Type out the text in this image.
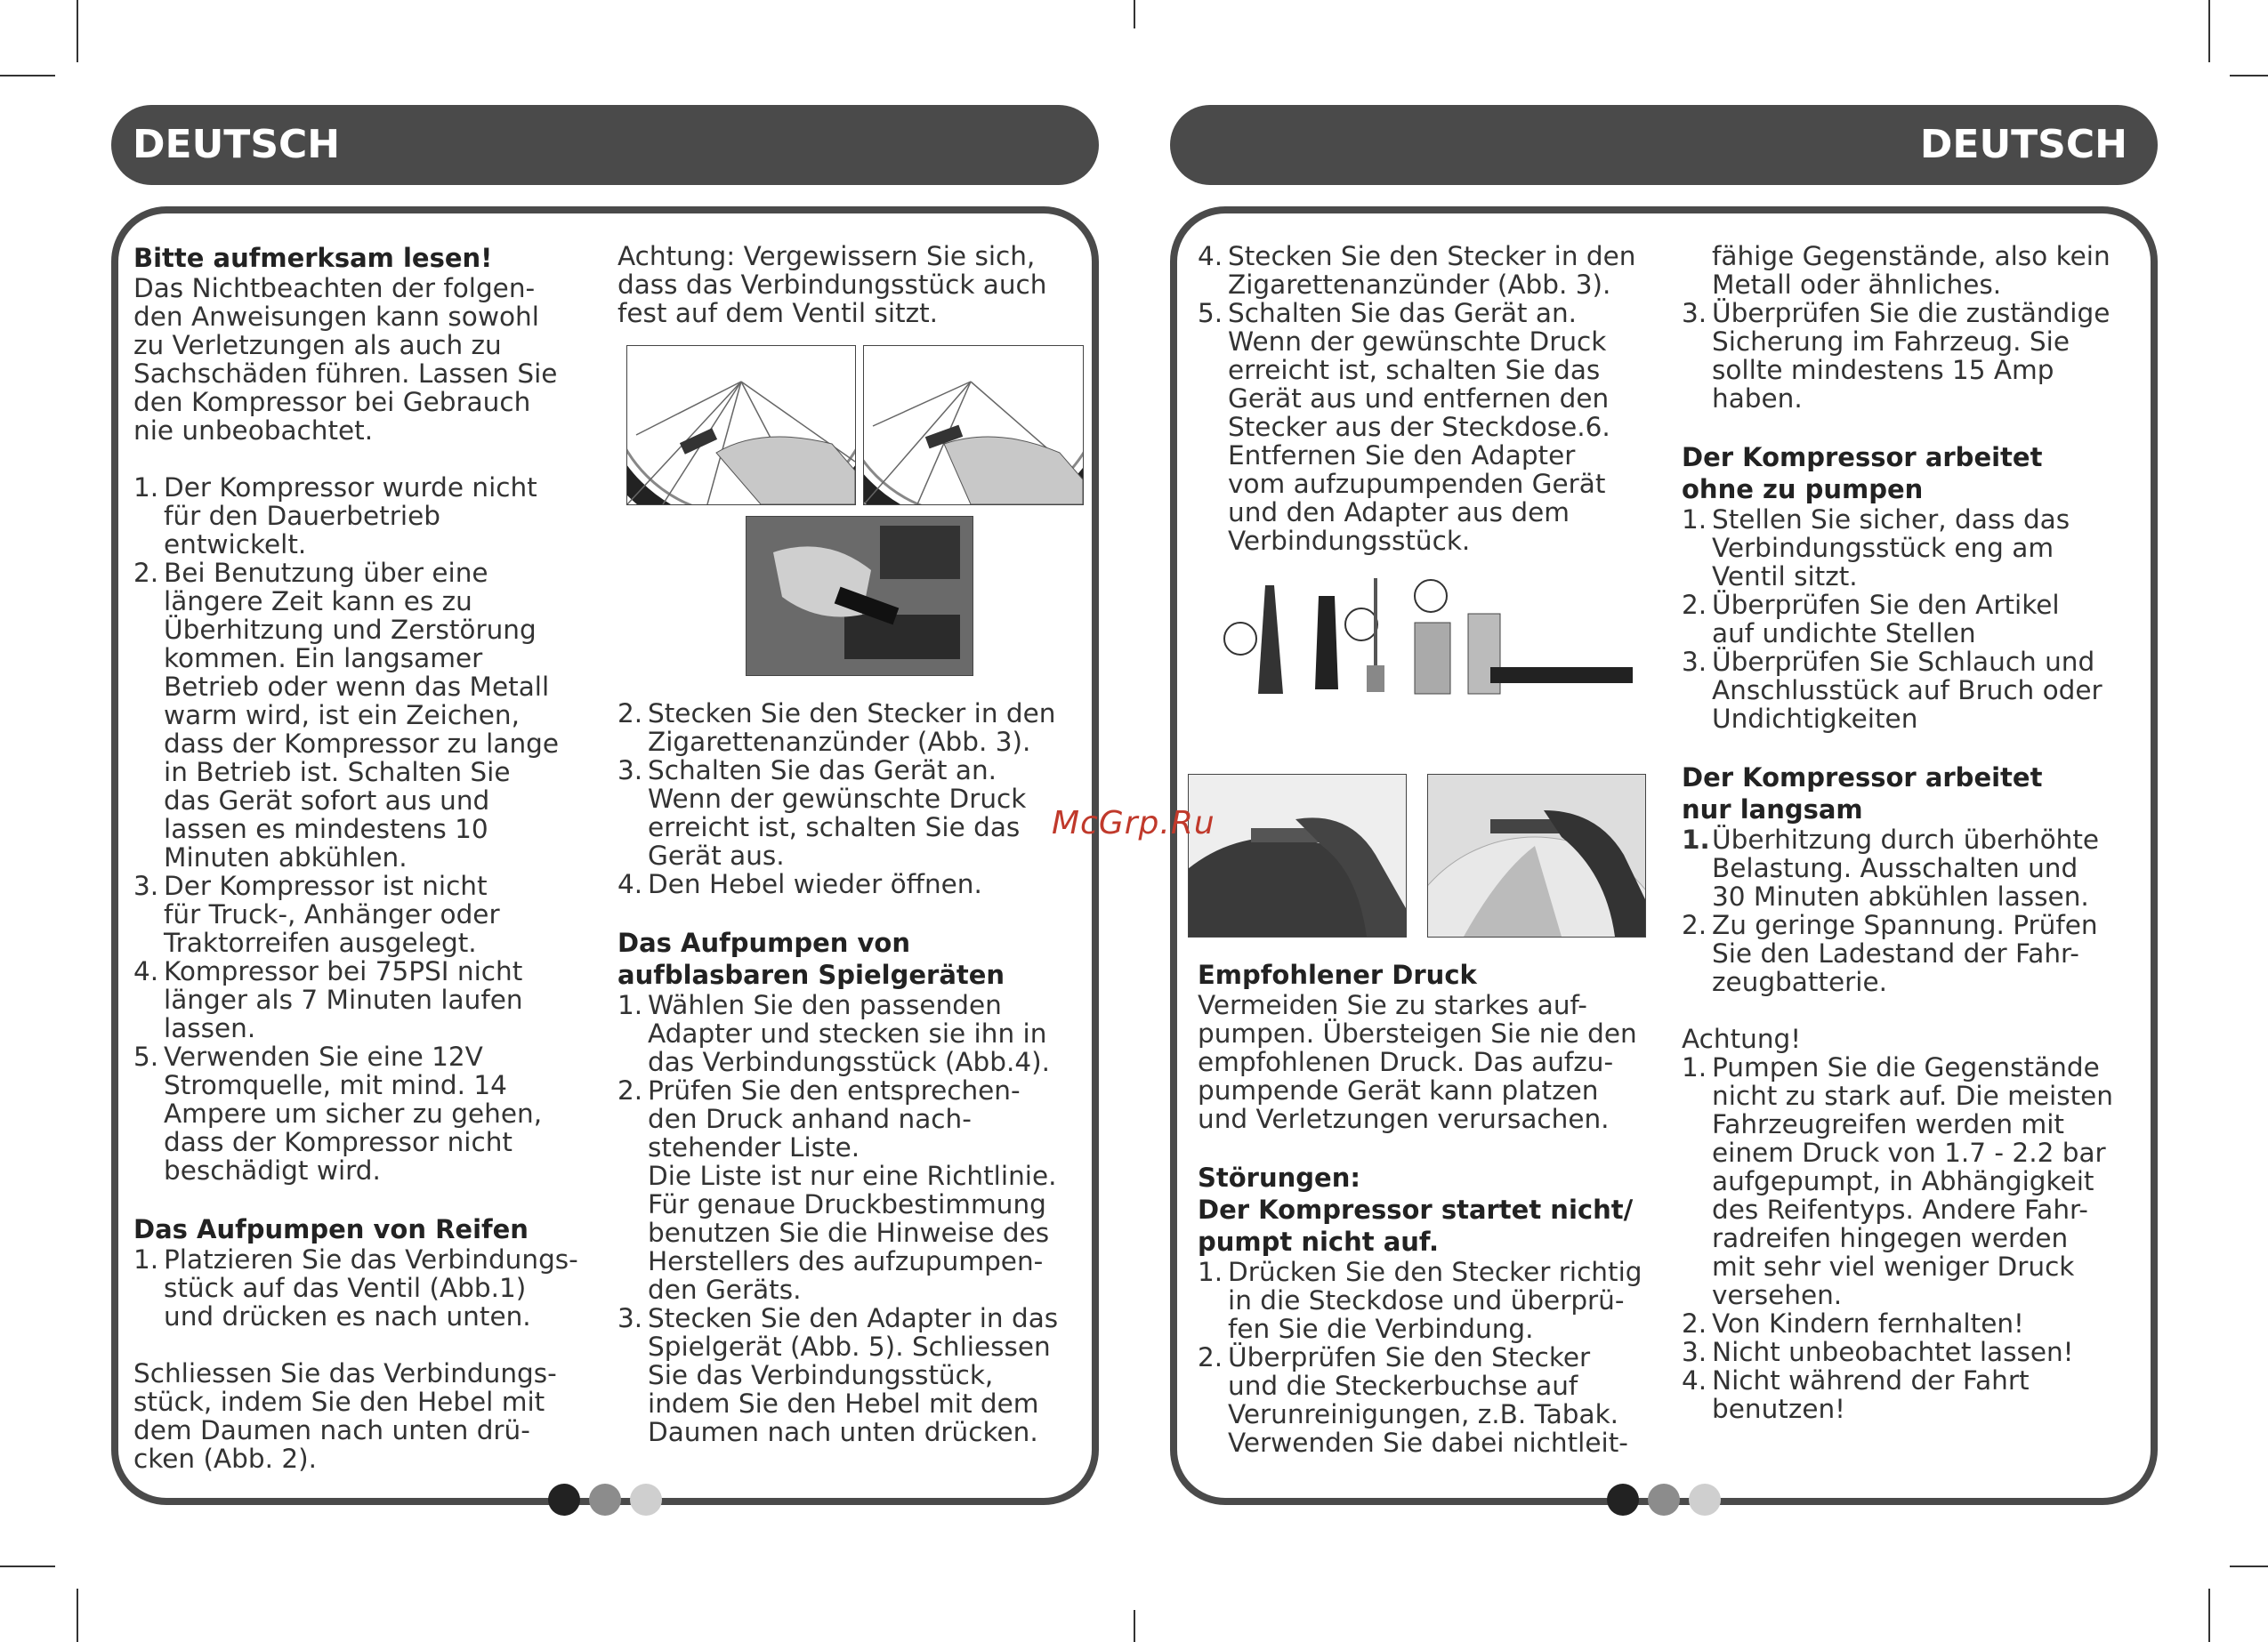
DEUTSCH	DEUTSCH
Bitte aufmerksam lesen!

Das Nichtbeachten der folgen-

den Anweisungen kann sowohl

zu Verletzungen als auch zu

Sachschäden führen. Lassen Sie

den Kompressor bei Gebrauch

nie unbeobachtet.

1. Der Kompressor wurde nicht

für den Dauerbetrieb

entwickelt.

2. Bei Benutzung über eine

längere Zeit kann es zu

Überhitzung und Zerstörung

kommen. Ein langsamer

Betrieb oder wenn das Metall

warm wird, ist ein Zeichen,

dass der Kompressor zu lange

in Betrieb ist. Schalten Sie

das Gerät sofort aus und

lassen es mindestens 10

Minuten abkühlen.

3. Der Kompressor ist nicht

für Truck-, Anhänger oder

Traktorreifen ausgelegt.

4. Kompressor bei 75PSI nicht

länger als 7 Minuten laufen

lassen.

5. Verwenden Sie eine 12V

Stromquelle, mit mind. 14

Ampere um sicher zu gehen,

dass der Kompressor nicht

beschädigt wird.

Das Aufpumpen von Reifen
1. Platzieren Sie das Verbindungs-

stück auf das Ventil (Abb.1)

und drücken es nach unten.

Schliessen Sie das Verbindungs-

stück, indem Sie den Hebel mit

dem Daumen nach unten drü-

cken (Abb. 2).

Achtung: Vergewissern Sie sich,

dass das Verbindungsstück auch

fest auf dem Ventil sitzt.

2. Stecken Sie den Stecker in den

Zigarettenanzünder (Abb. 3).

3. Schalten Sie das Gerät an.

Wenn der gewünschte Druck

erreicht ist, schalten Sie das

Gerät aus.

4. Den Hebel wieder öffnen.

Das Aufpumpen von

aufblasbaren Spielgeräten

1. Wählen Sie den passenden

Adapter und stecken sie ihn in

das Verbindungsstück (Abb.4).

2. Prüfen Sie den entsprechen-

den Druck anhand nach-

stehender Liste.

Die Liste ist nur eine Richtlinie.

Für genaue Druckbestimmung

benutzen Sie die Hinweise des

Herstellers des aufzupumpen-

den Geräts.

3. Stecken Sie den Adapter in das

Spielgerät (Abb. 5). Schliessen

Sie das Verbindungsstück,

indem Sie den Hebel mit dem

Daumen nach unten drücken.

4. Stecken Sie den Stecker in den

Zigarettenanzünder (Abb. 3).

5. Schalten Sie das Gerät an.

Wenn der gewünschte Druck

erreicht ist, schalten Sie das

Gerät aus und entfernen den

Stecker aus der Steckdose.6.

Entfernen Sie den Adapter

vom aufzupumpenden Gerät

und den Adapter aus dem

Verbindungsstück.

Empfohlener Druck

Vermeiden Sie zu starkes auf-

pumpen. Übersteigen Sie nie den

empfohlenen Druck. Das aufzu-

pumpende Gerät kann platzen

und Verletzungen verursachen.

Störungen:

Der Kompressor startet nicht/

pumpt nicht auf.

1. Drücken Sie den Stecker richtig

in die Steckdose und überprü-

fen Sie die Verbindung.

2. Überprüfen Sie den Stecker

und die Steckerbuchse auf

Verunreinigungen, z.B. Tabak.

Verwenden Sie dabei nichtleit-

fähige Gegenstände, also kein

Metall oder ähnliches.

3. Überprüfen Sie die zuständige

Sicherung im Fahrzeug. Sie

sollte mindestens 15 Amp

haben.

Der Kompressor arbeitet

ohne zu pumpen

1. Stellen Sie sicher, dass das

Verbindungsstück eng am

Ventil sitzt.

2. Überprüfen Sie den Artikel

auf undichte Stellen

3. Überprüfen Sie Schlauch und

Anschlusstück auf Bruch oder

Undichtigkeiten

Der Kompressor arbeitet

nur langsam

1. Überhitzung durch überhöhte

Belastung. Ausschalten und

30 Minuten abkühlen lassen.

2. Zu geringe Spannung. Prüfen

Sie den Ladestand der Fahr-

zeugbatterie.

Achtung!

1. Pumpen Sie die Gegenstände

nicht zu stark auf. Die meisten

Fahrzeugreifen werden mit

einem Druck von 1.7 - 2.2 bar

aufgepumpt, in Abhängigkeit

des Reifentyps. Andere Fahr-

radreifen hingegen werden

mit sehr viel weniger Druck

versehen.

2. Von Kindern fernhalten!

3. Nicht unbeobachtet lassen!

4. Nicht während der Fahrt

benutzen!

McGrp.Ru
